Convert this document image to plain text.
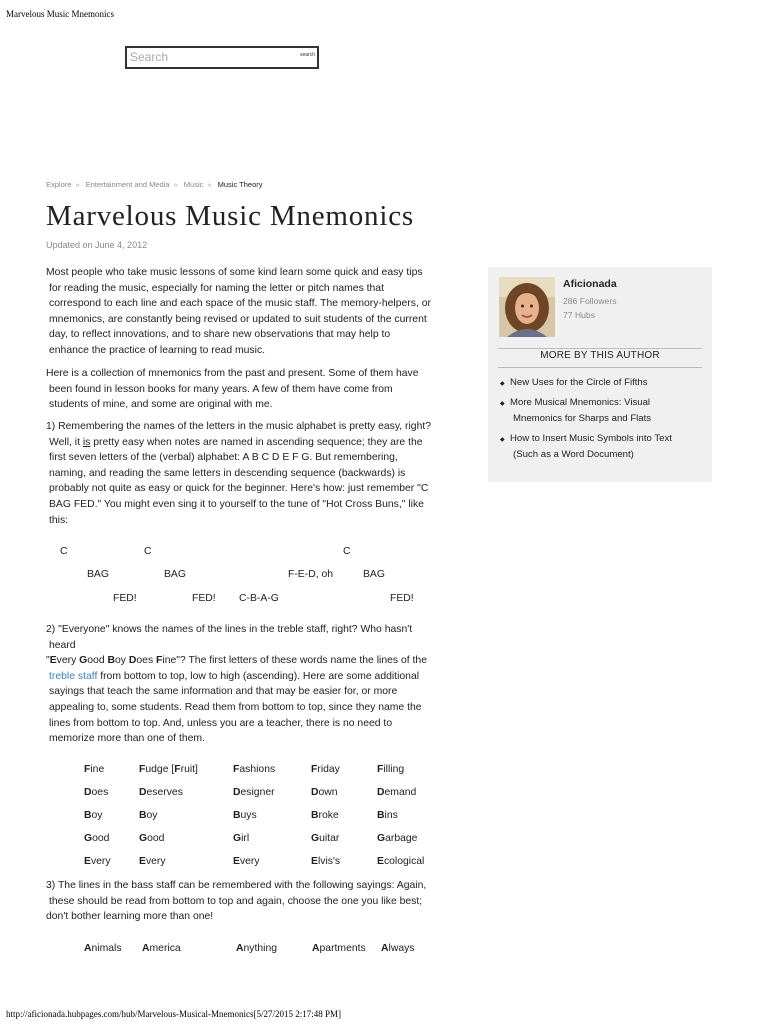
Marvelous Music Mnemonics
Search
search
Explore » Entertainment and Media » Music » Music Theory
Marvelous Music Mnemonics
Updated on June 4, 2012
Most people who take music lessons of some kind learn some quick and easy tips
for reading the music, especially for naming the letter or pitch names that
correspond to each line and each space of the music staff. The memory-helpers, or
mnemonics, are constantly being revised or updated to suit students of the current
day, to reflect innovations, and to share new observations that may help to
enhance the practice of learning to read music.
Here is a collection of mnemonics from the past and present. Some of them have
been found in lesson books for many years. A few of them have come from
students of mine, and some are original with me.
1) Remembering the names of the letters in the music alphabet is pretty easy, right?
Well, it is pretty easy when notes are named in ascending sequence; they are the
first seven letters of the (verbal) alphabet: A B C D E F G. But remembering,
naming, and reading the same letters in descending sequence (backwards) is
probably not quite as easy or quick for the beginner. Here's how: just remember "C
BAG FED." You might even sing it to yourself to the tune of "Hot Cross Buns," like
this:
C	C	C
BAG	BAG	F-E-D, oh	BAG
FED!	FED! C-B-A-G	FED!
2) "Everyone" knows the names of the lines in the treble staff, right? Who hasn't
heard
"Every Good Boy Does Fine"? The first letters of these words name the lines of the
treble staff from bottom to top, low to high (ascending). Here are some additional
sayings that teach the same information and that may be easier for, or more
appealing to, some students. Read them from bottom to top, since they name the
lines from bottom to top. And, unless you are a teacher, there is no need to
memorize more than one of them.
Fine	Fudge [Fruit]	Fashions	Friday	Filling
Does	Deserves	Designer	Down	Demand
Boy	Boy	Buys	Broke	Bins
Good	Good	Girl	Guitar	Garbage
Every	Every	Every	Elvis's	Ecological
3) The lines in the bass staff can be remembered with the following sayings: Again,
these should be read from bottom to top and again, choose the one you like best;
don't bother learning more than one!
Animals	America	Anything	Apartments	Always
Aficionada
286 Followers
77 Hubs
MORE BY THIS AUTHOR
◆ New Uses for the Circle of Fifths
◆ More Musical Mnemonics: Visual
Mnemonics for Sharps and Flats
◆ How to Insert Music Symbols into Text
(Such as a Word Document)
http://aficionada.hubpages.com/hub/Marvelous-Musical-Mnemonics[5/27/2015 2:17:48 PM]
